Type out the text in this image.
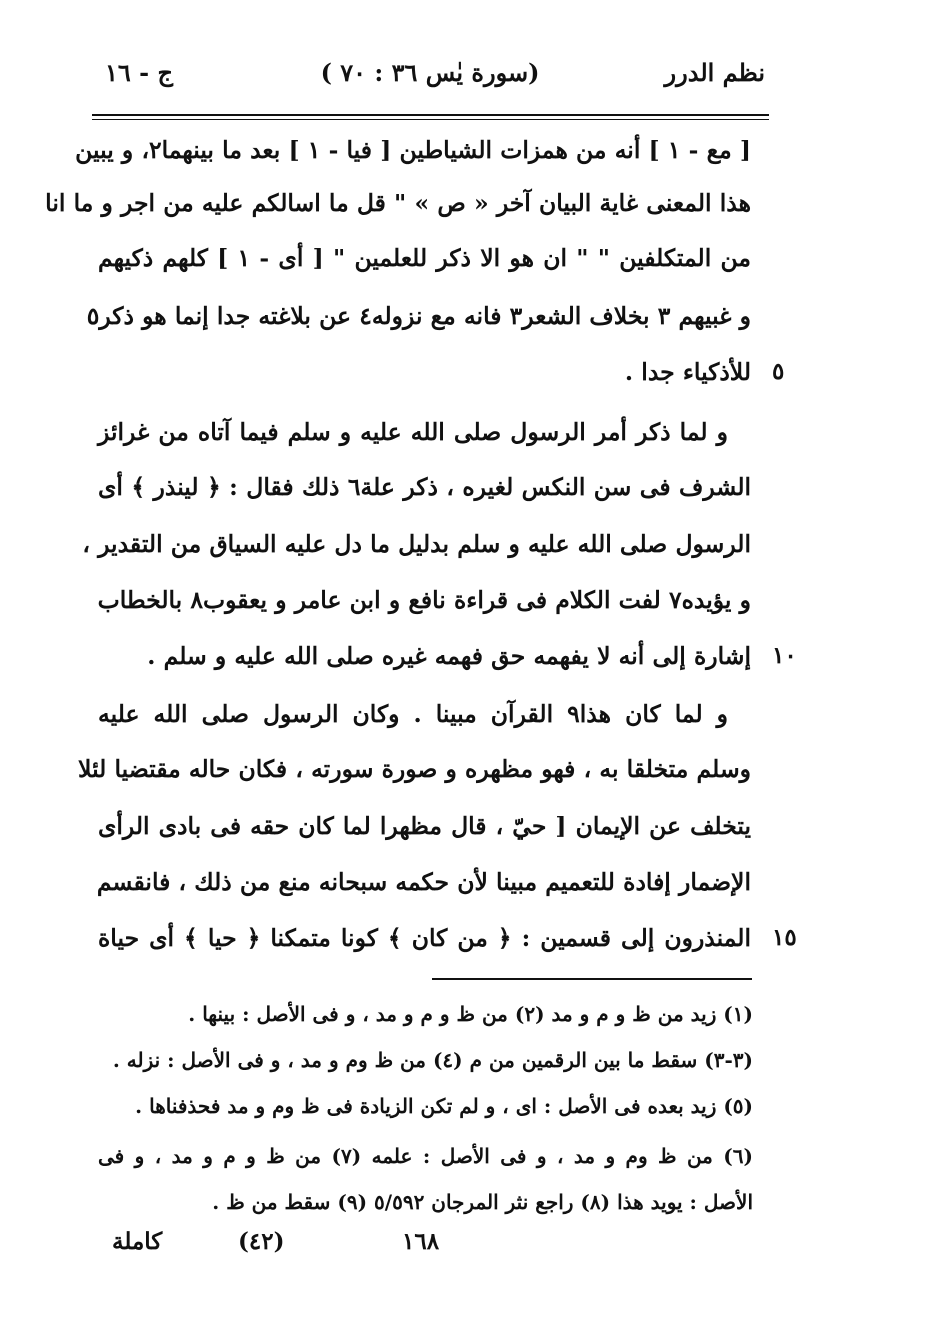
نظم الدرر
(سورة يٰس ٣٦ : ٧٠ )
ج - ١٦
[ مع - ١ ] أنه من همزات الشياطين [ فيا - ١ ] بعد ما بينهما٢، و يبين
هذا المعنى غاية البيان آخر « ص » " قل ما اسالكم عليه من اجر و ما انا
من المتكلفين " " ان هو الا ذكر للعلمين " [ أى - ١ ] كلهم ذكيهم
و غبيهم ٣ بخلاف الشعر٣ فانه مع نزوله٤ عن بلاغته جدا إنما هو ذكر٥
للأذكياء جدا . ٥
و لما ذكر أمر الرسول صلى الله عليه و سلم فيما آتاه من غرائز
الشرف فى سن النكس لغيره ، ذكر علة٦ ذلك فقال : ﴿ لينذر ﴾ أى
الرسول صلى الله عليه و سلم بدليل ما دل عليه السياق من التقدير ،
و يؤيده٧ لفت الكلام فى قراءة نافع و ابن عامر و يعقوب٨ بالخطاب
إشارة إلى أنه لا يفهمه حق فهمه غيره صلى الله عليه و سلم . ١٠
و لما كان هذا٩ القرآن مبينا . وكان الرسول صلى الله عليه
وسلم متخلقا به ، فهو مظهره و صورة سورته ، فكان حاله مقتضيا لئلا
يتخلف عن الإيمان [ حيّ ، قال مظهرا لما كان حقه فى بادى الرأى
الإضمار إفادة للتعميم مبينا لأن حكمه سبحانه منع من ذلك ، فانقسم
المنذرون إلى قسمين : ﴿ من كان ﴾ كونا متمكنا ﴿ حيا ﴾ أى حياة ١٥
(١) زيد من ظ و م و مد (٢) من ظ و م و مد ، و فى الأصل : بينها .
(٣-٣) سقط ما بين الرقمين من م (٤) من ظ وم و مد ، و فى الأصل : نزله .
(٥) زيد بعده فى الأصل : اى ، و لم تكن الزيادة فى ظ وم و مد فحذفناها .
(٦) من ظ وم و مد ، و فى الأصل : علمه (٧) من ظ و م و مد ، و فى
الأصل : يويد هذا (٨) راجع نثر المرجان ٥/٥٩٢ (٩) سقط من ظ .
١٦٨
(٤٢)
كاملة
